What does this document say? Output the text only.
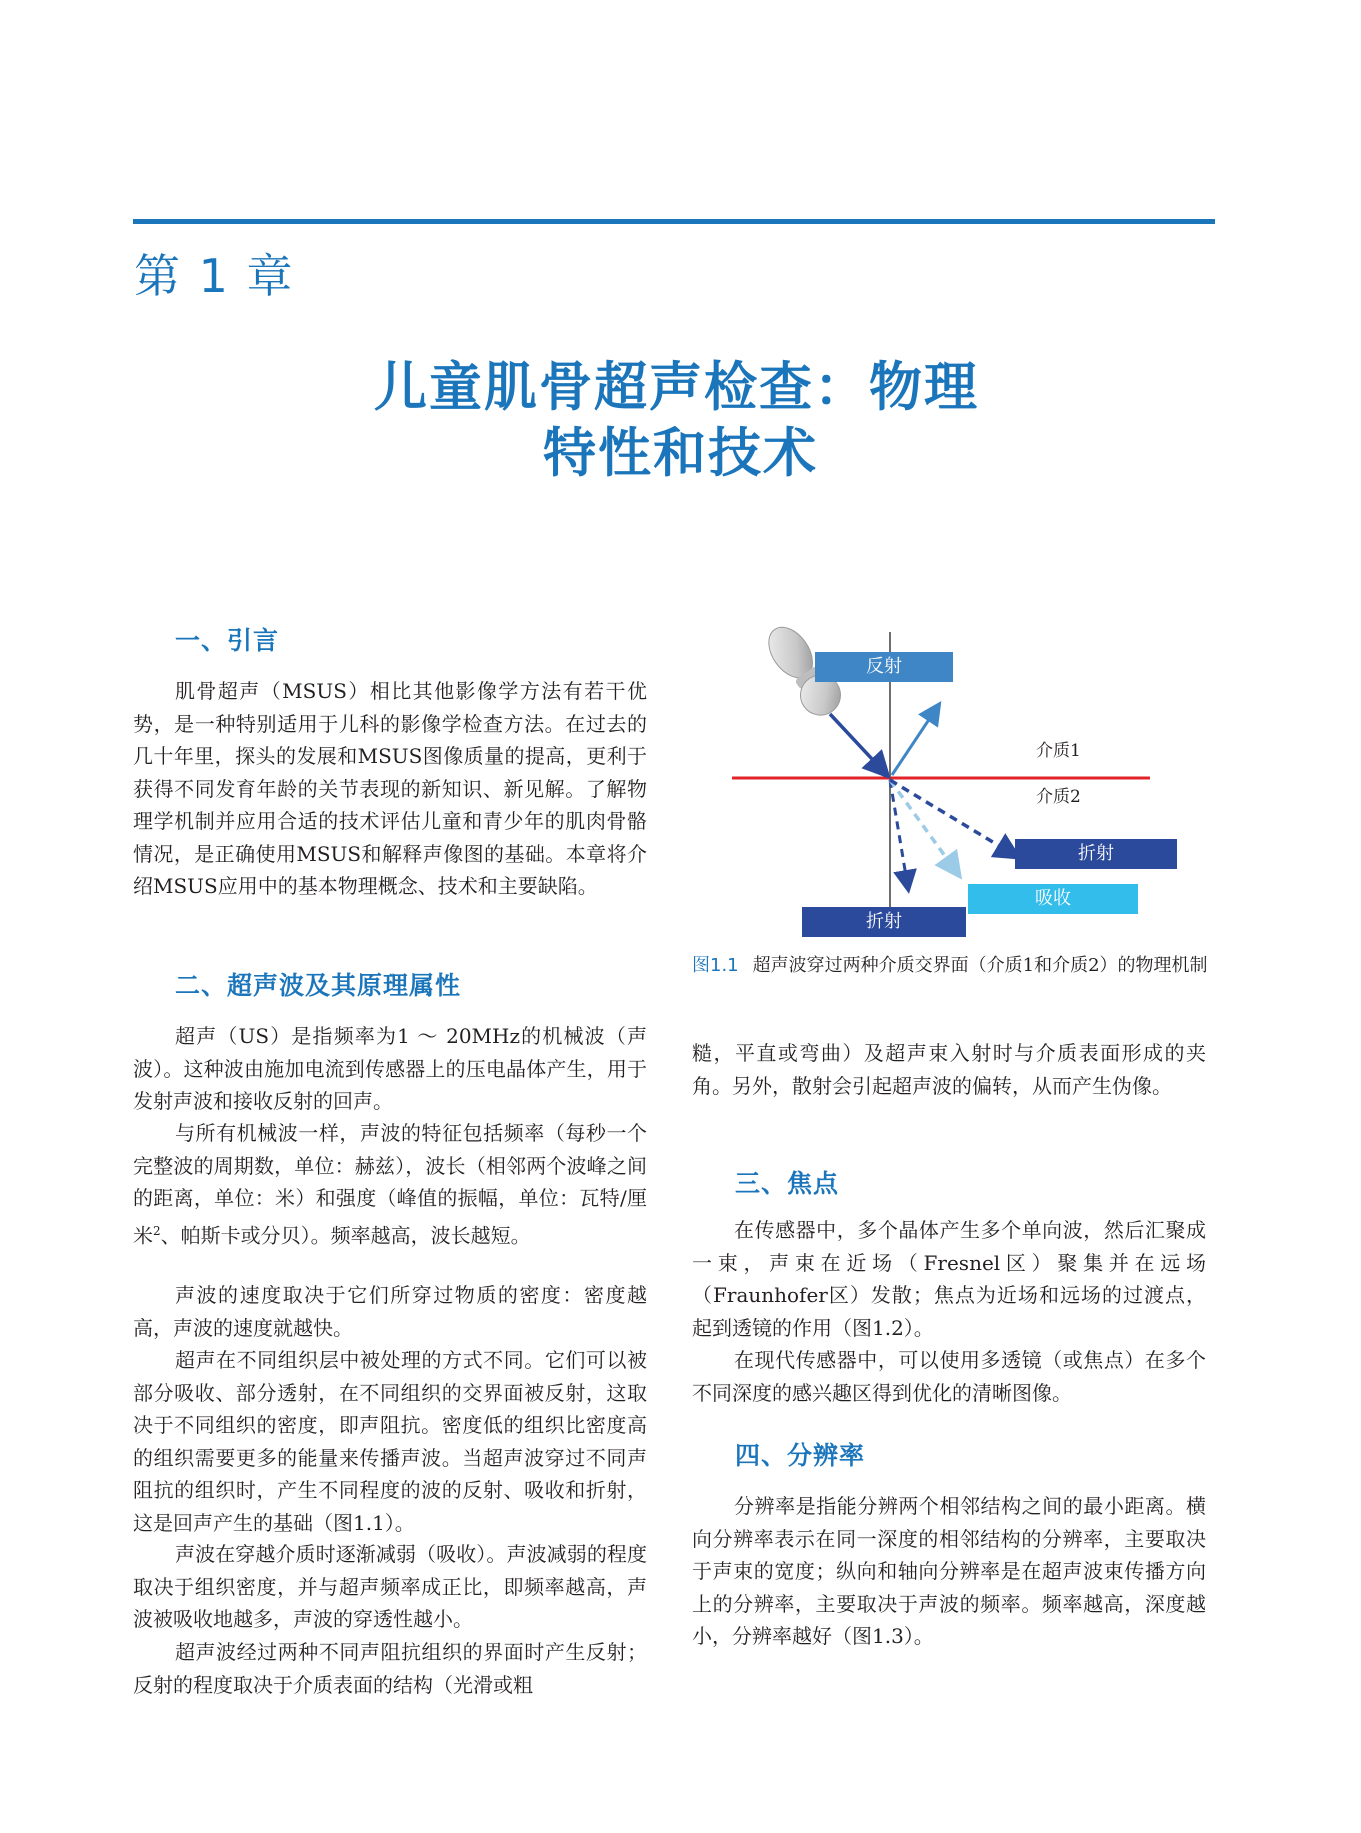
第 1 章
儿童肌骨超声检查：物理
特性和技术
一、引言

肌骨超声（MSUS）相比其他影像学方法有若干优势，是一种特别适用于儿科的影像学检查方法。在过去的几十年里，探头的发展和MSUS图像质量的提高，更利于获得不同发育年龄的关节表现的新知识、新见解。了解物理学机制并应用合适的技术评估儿童和青少年的肌肉骨骼情况，是正确使用MSUS和解释声像图的基础。本章将介绍MSUS应用中的基本物理概念、技术和主要缺陷。

二、超声波及其原理属性

超声（US）是指频率为1 ～ 20MHz的机械波（声波）。这种波由施加电流到传感器上的压电晶体产生，用于发射声波和接收反射的回声。

与所有机械波一样，声波的特征包括频率（每秒一个完整波的周期数，单位：赫兹），波长（相邻两个波峰之间的距离，单位：米）和强度（峰值的振幅，单位：瓦特/厘米$^2$、帕斯卡或分贝）。频率越高，波长越短。

声波的速度取决于它们所穿过物质的密度：密度越高，声波的速度就越快。

超声在不同组织层中被处理的方式不同。它们可以被部分吸收、部分透射，在不同组织的交界面被反射，这取决于不同组织的密度，即声阻抗。密度低的组织比密度高的组织需要更多的能量来传播声波。当超声波穿过不同声阻抗的组织时，产生不同程度的波的反射、吸收和折射，这是回声产生的基础（图1.1）。

声波在穿越介质时逐渐减弱（吸收）。声波减弱的程度取决于组织密度，并与超声频率成正比，即频率越高，声波被吸收地越多，声波的穿透性越小。

超声波经过两种不同声阻抗组织的界面时产生反射；反射的程度取决于介质表面的结构（光滑或粗

反射
介质1
介质2
折射
吸收
折射

图1.1 超声波穿过两种介质交界面（介质1和介质2）的物理机制

糙，平直或弯曲）及超声束入射时与介质表面形成的夹角。另外，散射会引起超声波的偏转，从而产生伪像。

三、焦点

在传感器中，多个晶体产生多个单向波，然后汇聚成一束，声束在近场（Fresnel区）聚集并在远场（Fraunhofer区）发散；焦点为近场和远场的过渡点，起到透镜的作用（图1.2）。

在现代传感器中，可以使用多透镜（或焦点）在多个不同深度的感兴趣区得到优化的清晰图像。

四、分辨率

分辨率是指能分辨两个相邻结构之间的最小距离。横向分辨率表示在同一深度的相邻结构的分辨率，主要取决于声束的宽度；纵向和轴向分辨率是在超声波束传播方向上的分辨率，主要取决于声波的频率。频率越高，深度越小，分辨率越好（图1.3）。
